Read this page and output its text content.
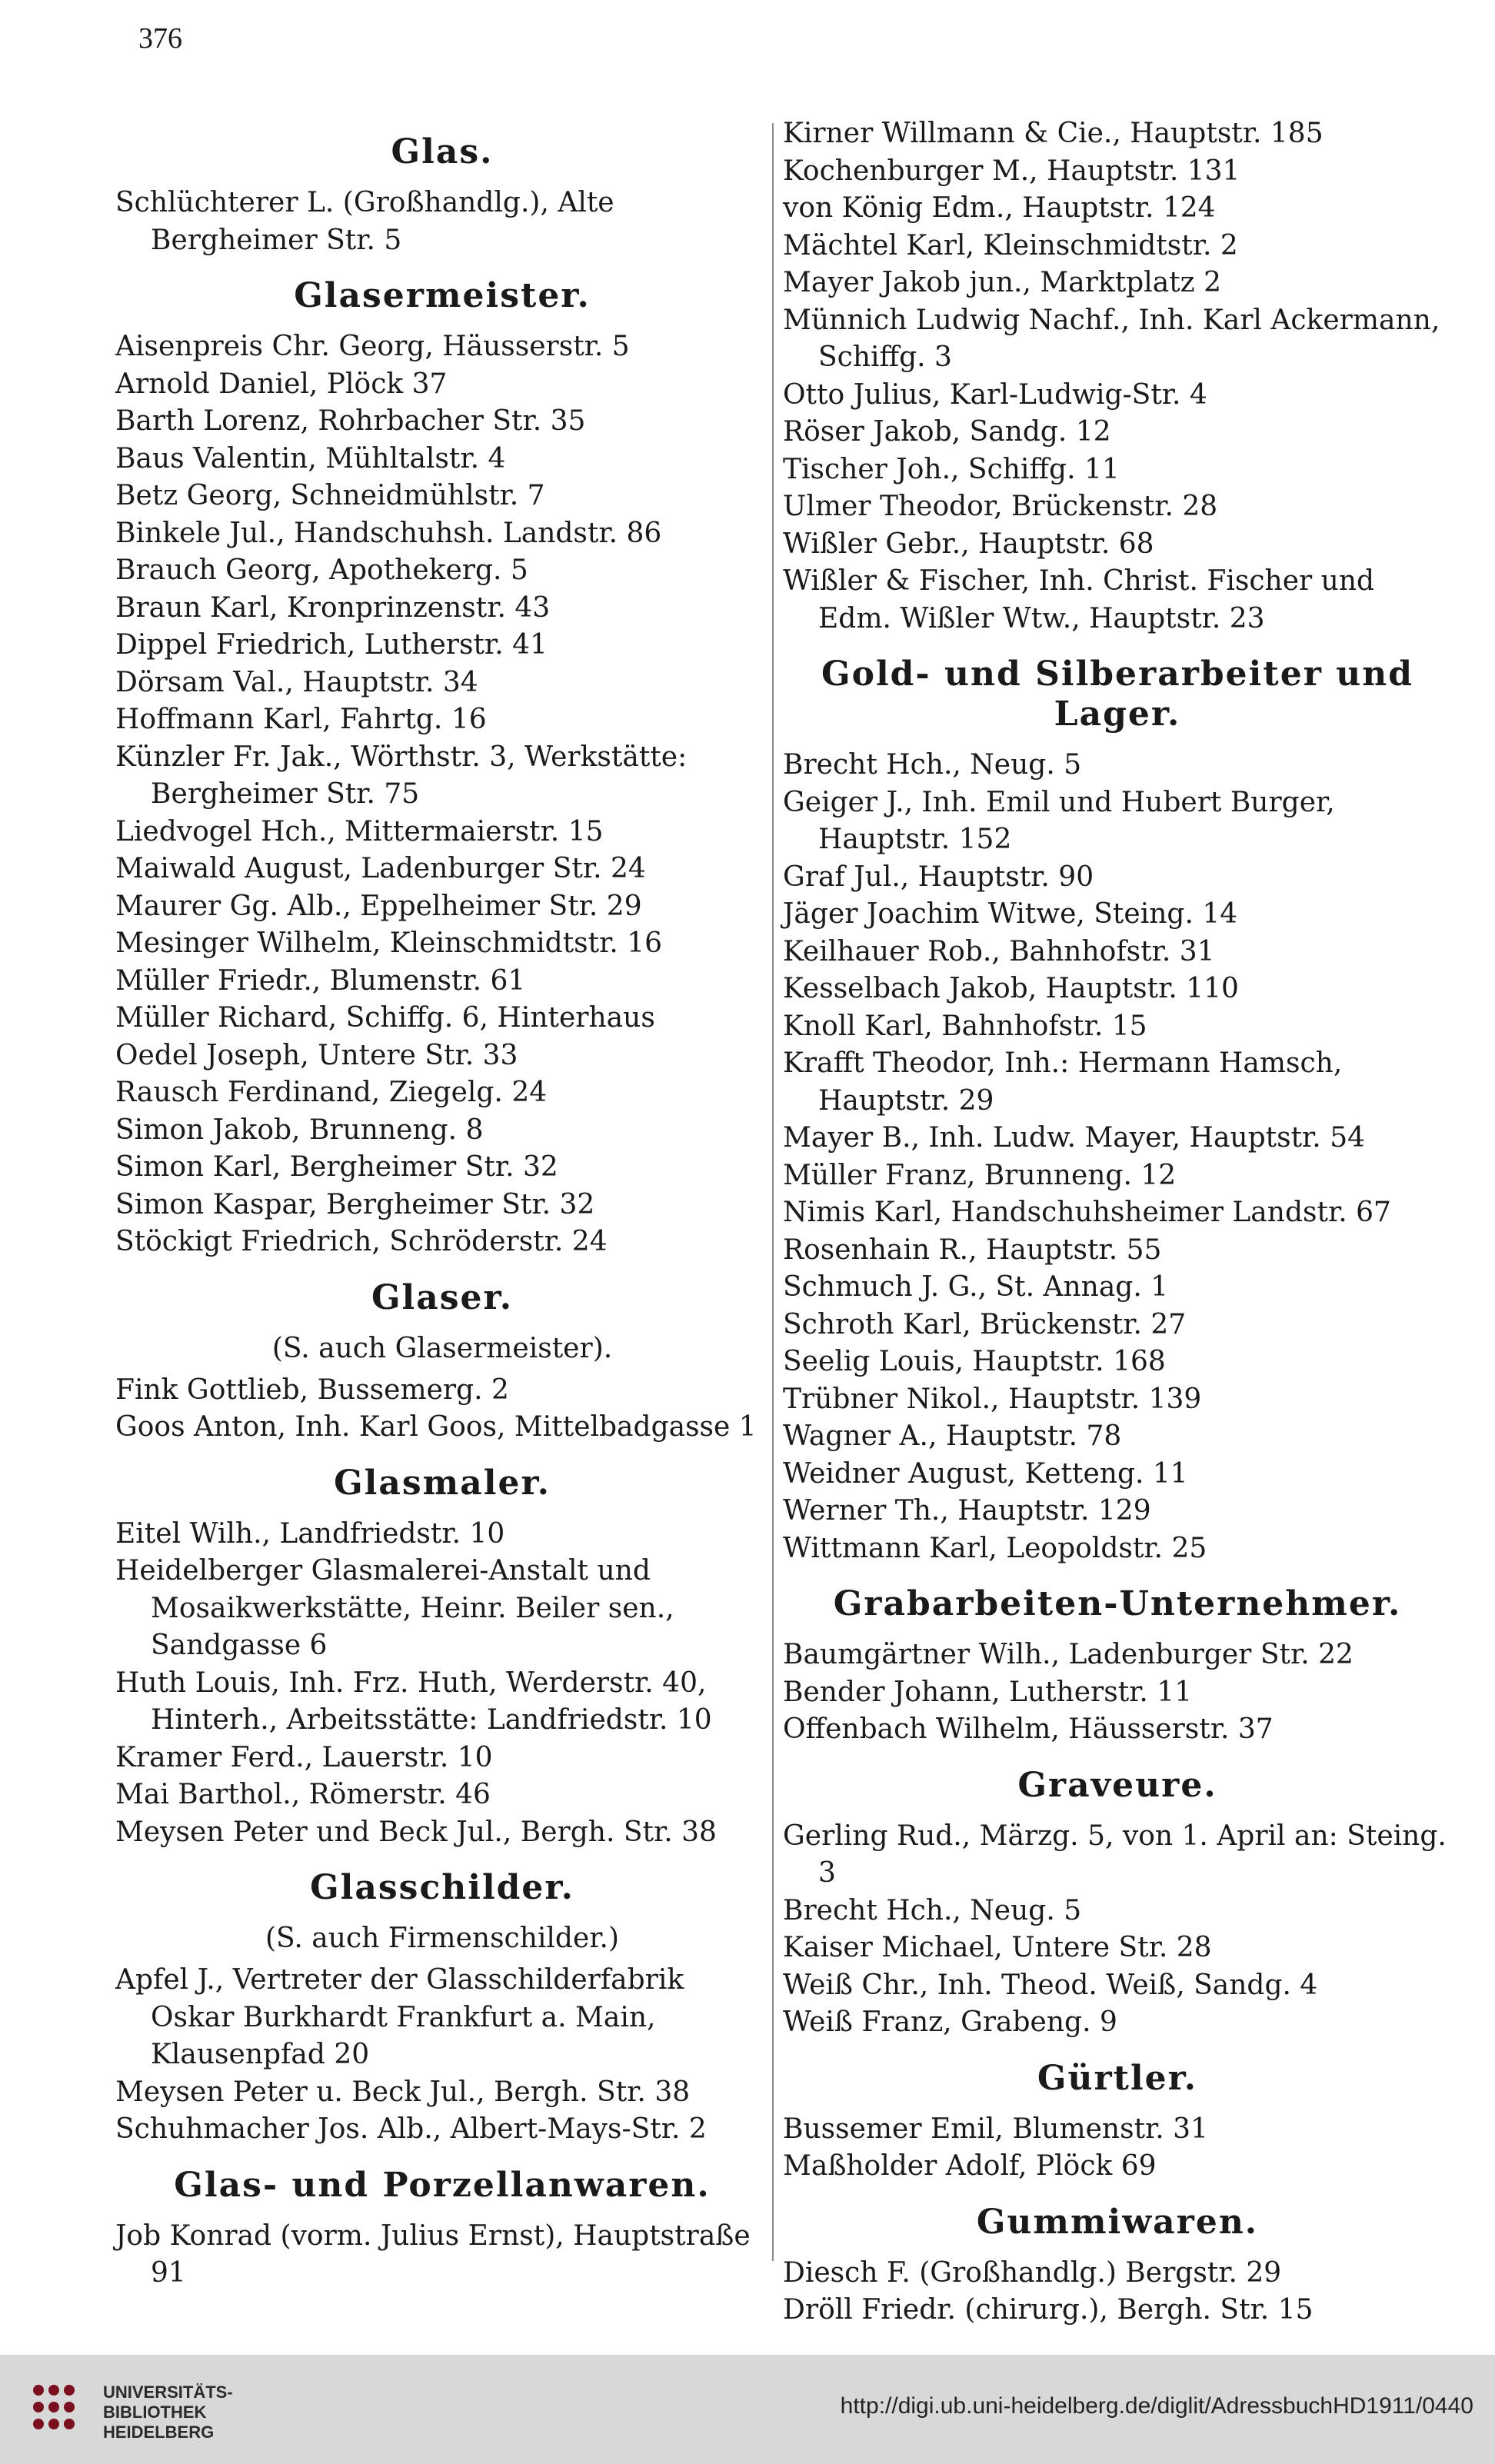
376
Glas.
Schlüchterer L. (Großhandlg.), Alte Bergheimer Str. 5
Glasermeister.
Aisenpreis Chr. Georg, Häusserstr. 5
Arnold Daniel, Plöck 37
Barth Lorenz, Rohrbacher Str. 35
Baus Valentin, Mühltalstr. 4
Betz Georg, Schneidmühlstr. 7
Binkele Jul., Handschuhsh. Landstr. 86
Brauch Georg, Apothekerg. 5
Braun Karl, Kronprinzenstr. 43
Dippel Friedrich, Lutherstr. 41
Dörsam Val., Hauptstr. 34
Hoffmann Karl, Fahrtg. 16
Künzler Fr. Jak., Wörthstr. 3, Werkstätte: Bergheimer Str. 75
Liedvogel Hch., Mittermaierstr. 15
Maiwald August, Ladenburger Str. 24
Maurer Gg. Alb., Eppelheimer Str. 29
Mesinger Wilhelm, Kleinschmidtstr. 16
Müller Friedr., Blumenstr. 61
Müller Richard, Schiffg. 6, Hinterhaus
Oedel Joseph, Untere Str. 33
Rausch Ferdinand, Ziegelg. 24
Simon Jakob, Brunneng. 8
Simon Karl, Bergheimer Str. 32
Simon Kaspar, Bergheimer Str. 32
Stöckigt Friedrich, Schröderstr. 24
Glaser.
(S. auch Glasermeister).
Fink Gottlieb, Bussemerg. 2
Goos Anton, Inh. Karl Goos, Mittelbadgasse 1
Glasmaler.
Eitel Wilh., Landfriedstr. 10
Heidelberger Glasmalerei-Anstalt und Mosaikwerkstätte, Heinr. Beiler sen., Sandgasse 6
Huth Louis, Inh. Frz. Huth, Werderstr. 40, Hinterh., Arbeitsstätte: Landfriedstr. 10
Kramer Ferd., Lauerstr. 10
Mai Barthol., Römerstr. 46
Meysen Peter und Beck Jul., Bergh. Str. 38
Glasschilder.
(S. auch Firmenschilder.)
Apfel J., Vertreter der Glasschilderfabrik Oskar Burkhardt Frankfurt a. Main, Klausenpfad 20
Meysen Peter u. Beck Jul., Bergh. Str. 38
Schuhmacher Jos. Alb., Albert-Mays-Str. 2
Glas- und Porzellanwaren.
Job Konrad (vorm. Julius Ernst), Hauptstraße 91
Kirner Willmann & Cie., Hauptstr. 185
Kochenburger M., Hauptstr. 131
von König Edm., Hauptstr. 124
Mächtel Karl, Kleinschmidtstr. 2
Mayer Jakob jun., Marktplatz 2
Münnich Ludwig Nachf., Inh. Karl Ackermann, Schiffg. 3
Otto Julius, Karl-Ludwig-Str. 4
Röser Jakob, Sandg. 12
Tischer Joh., Schiffg. 11
Ulmer Theodor, Brückenstr. 28
Wißler Gebr., Hauptstr. 68
Wißler & Fischer, Inh. Christ. Fischer und Edm. Wißler Wtw., Hauptstr. 23
Gold- und Silberarbeiter und Lager.
Brecht Hch., Neug. 5
Geiger J., Inh. Emil und Hubert Burger, Hauptstr. 152
Graf Jul., Hauptstr. 90
Jäger Joachim Witwe, Steing. 14
Keilhauer Rob., Bahnhofstr. 31
Kesselbach Jakob, Hauptstr. 110
Knoll Karl, Bahnhofstr. 15
Krafft Theodor, Inh.: Hermann Hamsch, Hauptstr. 29
Mayer B., Inh. Ludw. Mayer, Hauptstr. 54
Müller Franz, Brunneng. 12
Nimis Karl, Handschuhsheimer Landstr. 67
Rosenhain R., Hauptstr. 55
Schmuch J. G., St. Annag. 1
Schroth Karl, Brückenstr. 27
Seelig Louis, Hauptstr. 168
Trübner Nikol., Hauptstr. 139
Wagner A., Hauptstr. 78
Weidner August, Ketteng. 11
Werner Th., Hauptstr. 129
Wittmann Karl, Leopoldstr. 25
Grabarbeiten-Unternehmer.
Baumgärtner Wilh., Ladenburger Str. 22
Bender Johann, Lutherstr. 11
Offenbach Wilhelm, Häusserstr. 37
Graveure.
Gerling Rud., Märzg. 5, von 1. April an: Steing. 3
Brecht Hch., Neug. 5
Kaiser Michael, Untere Str. 28
Weiß Chr., Inh. Theod. Weiß, Sandg. 4
Weiß Franz, Grabeng. 9
Gürtler.
Bussemer Emil, Blumenstr. 31
Maßholder Adolf, Plöck 69
Gummiwaren.
Diesch F. (Großhandlg.) Bergstr. 29
Dröll Friedr. (chirurg.), Bergh. Str. 15
UNIVERSITÄTS-
BIBLIOTHEK
HEIDELBERG
http://digi.ub.uni-heidelberg.de/diglit/AdressbuchHD1911/0440
